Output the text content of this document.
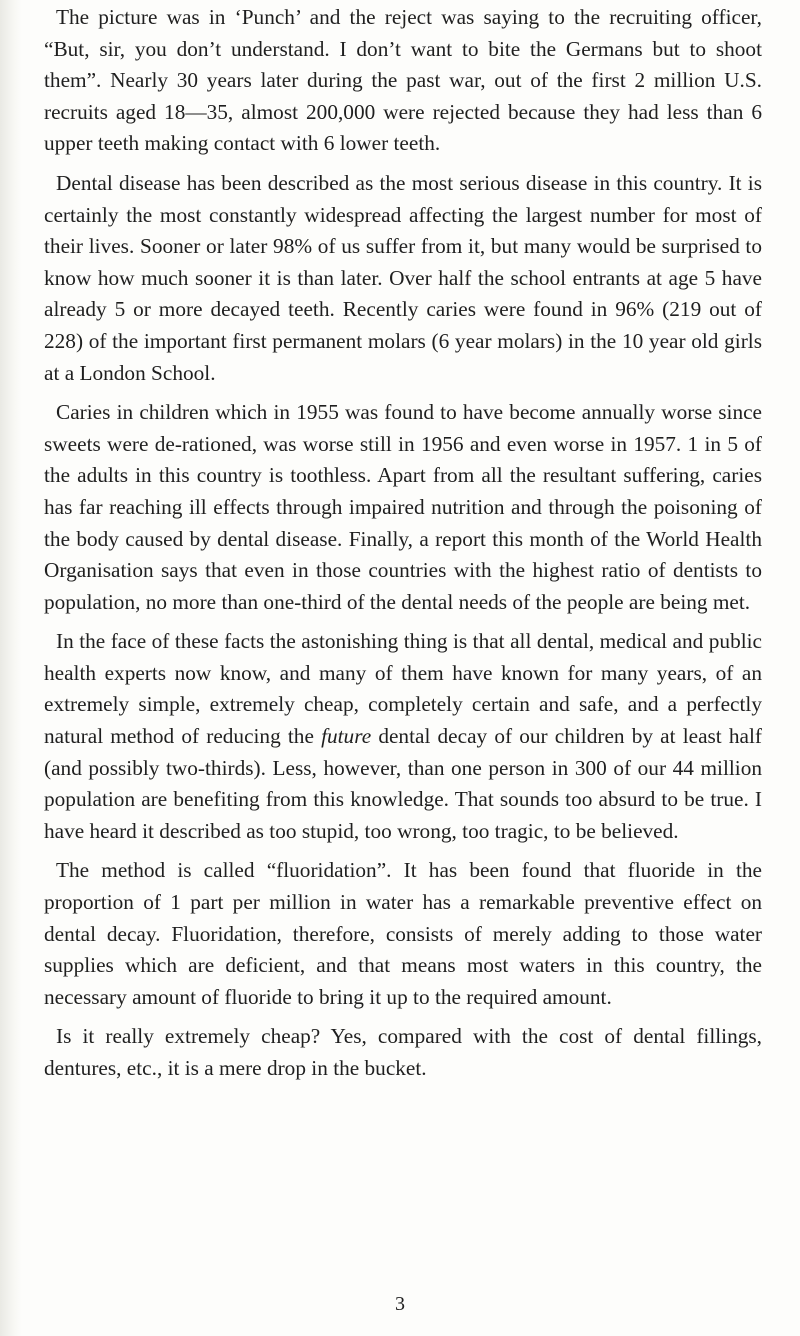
The picture was in ‘Punch’ and the reject was saying to the recruiting officer, “But, sir, you don’t understand. I don’t want to bite the Germans but to shoot them”. Nearly 30 years later during the past war, out of the first 2 million U.S. recruits aged 18—35, almost 200,000 were rejected because they had less than 6 upper teeth making contact with 6 lower teeth.

Dental disease has been described as the most serious disease in this country. It is certainly the most constantly widespread affecting the largest number for most of their lives. Sooner or later 98% of us suffer from it, but many would be surprised to know how much sooner it is than later. Over half the school entrants at age 5 have already 5 or more decayed teeth. Recently caries were found in 96% (219 out of 228) of the important first permanent molars (6 year molars) in the 10 year old girls at a London School.

Caries in children which in 1955 was found to have become annually worse since sweets were de-rationed, was worse still in 1956 and even worse in 1957. 1 in 5 of the adults in this country is toothless. Apart from all the resultant suffering, caries has far reaching ill effects through impaired nutrition and through the poisoning of the body caused by dental disease. Finally, a report this month of the World Health Organisation says that even in those countries with the highest ratio of dentists to population, no more than one-third of the dental needs of the people are being met.

In the face of these facts the astonishing thing is that all dental, medical and public health experts now know, and many of them have known for many years, of an extremely simple, extremely cheap, completely certain and safe, and a perfectly natural method of reducing the future dental decay of our children by at least half (and possibly two-thirds). Less, however, than one person in 300 of our 44 million population are benefiting from this knowledge. That sounds too absurd to be true. I have heard it described as too stupid, too wrong, too tragic, to be believed.

The method is called “fluoridation”. It has been found that fluoride in the proportion of 1 part per million in water has a remarkable preventive effect on dental decay. Fluoridation, therefore, consists of merely adding to those water supplies which are deficient, and that means most waters in this country, the necessary amount of fluoride to bring it up to the required amount.

Is it really extremely cheap? Yes, compared with the cost of dental fillings, dentures, etc., it is a mere drop in the bucket.

3
